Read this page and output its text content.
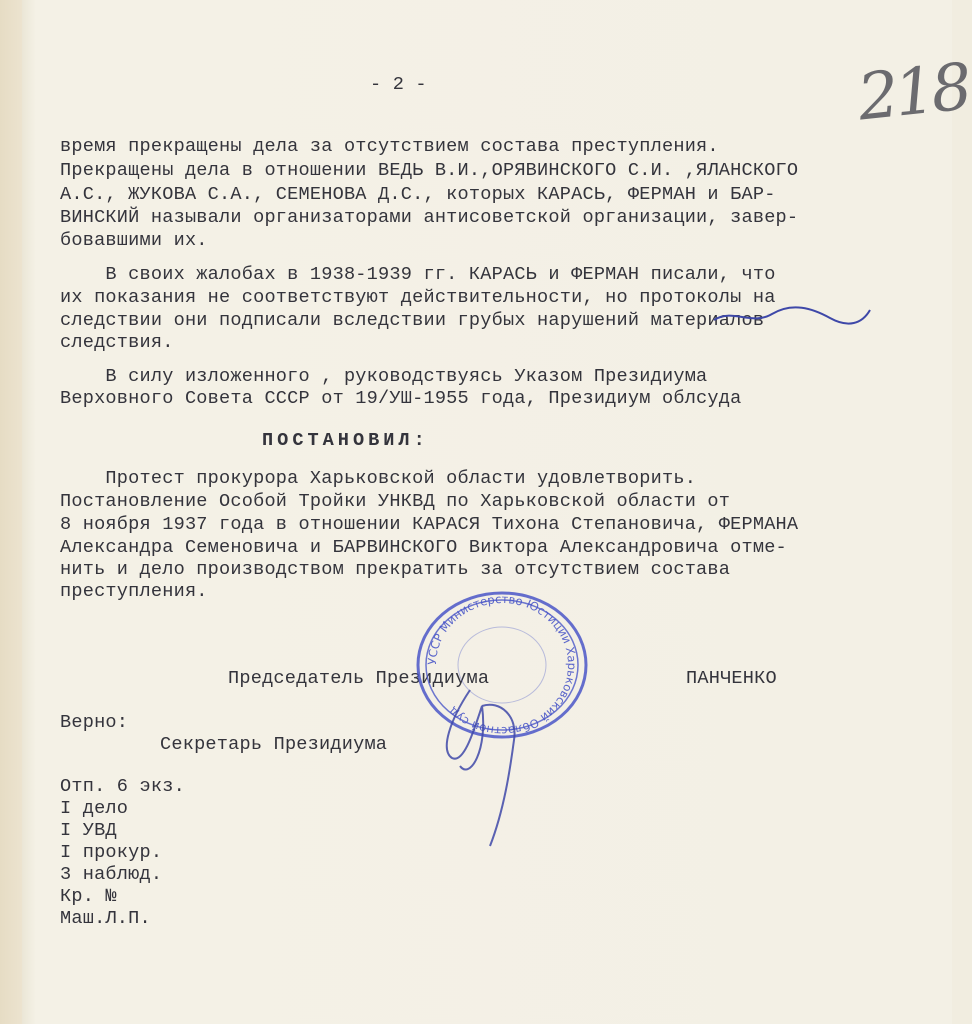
- 2 -	218
время прекращены дела за отсутствием состава преступления.
Прекращены дела в отношении ВЕДЬ В.И.,ОРЯВИНСКОГО С.И. ,ЯЛАНСКОГО
А.С., ЖУКОВА С.А., СЕМЕНОВА Д.С., которых КАРАСЬ, ФЕРМАН и БАР-
ВИНСКИЙ называли организаторами антисоветской организации, завер-
бовавшими их.
В своих жалобах в 1938-1939 гг. КАРАСЬ и ФЕРМАН писали, что
их показания не соответствуют действительности, но протоколы на
следствии они подписали вследствии грубых нарушений материалов
следствия.
В силу изложенного , руководствуясь Указом Президиума
Верховного Совета СССР от 19/УШ-1955 года, Президиум облсуда
ПОСТАНОВИЛ:
Протест прокурора Харьковской области удовлетворить.
Постановление Особой Тройки УНКВД по Харьковской области от
8 ноября 1937 года в отношении КАРАСЯ Тихона Степановича, ФЕРМАНА
Александра Семеновича и БАРВИНСКОГО Виктора Александровича отме-
нить и дело производством прекратить за отсутствием состава
преступления.
Председатель Президиума	ПАНЧЕНКО
Верно:
Секретарь Президиума
Отп. 6 экз.
I дело
I УВД
I прокур.
3 наблюд.
Кр. №
Маш.Л.П.
УССР Министерство Юстиции Харьковский Областной суд
